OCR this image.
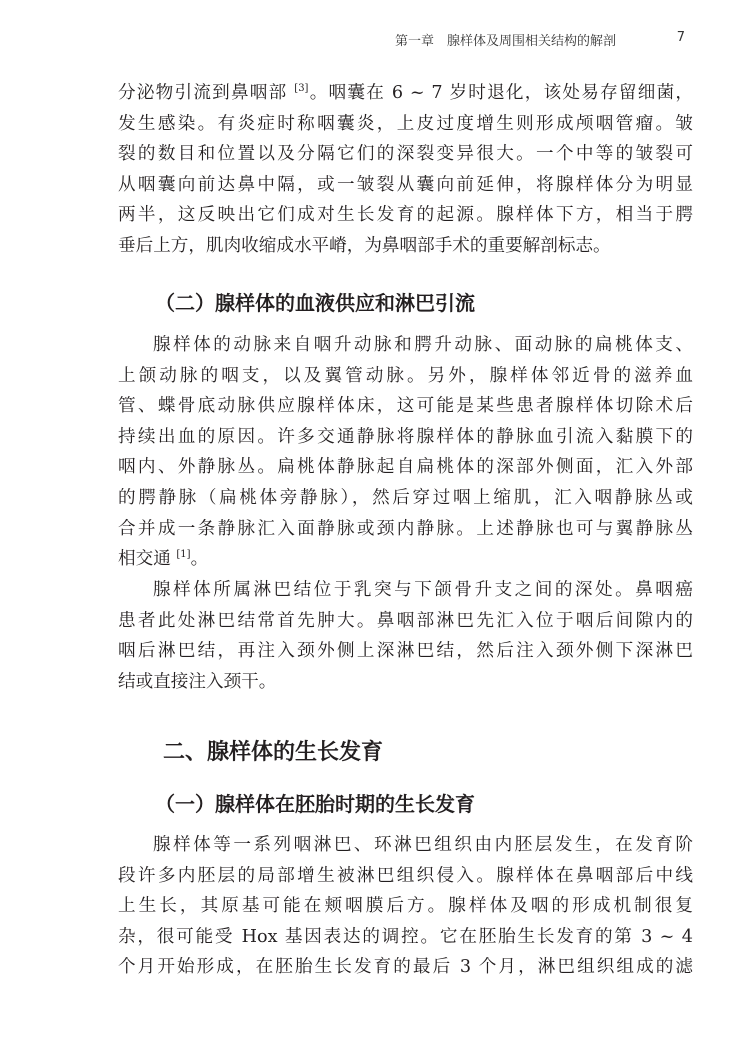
第一章　腺样体及周围相关结构的解剖	7
分泌物引流到鼻咽部 [3]。咽囊在 6 ~ 7 岁时退化，该处易存留细菌，
发生感染。有炎症时称咽囊炎，上皮过度增生则形成颅咽管瘤。皱
裂的数目和位置以及分隔它们的深裂变异很大。一个中等的皱裂可
从咽囊向前达鼻中隔，或一皱裂从囊向前延伸，将腺样体分为明显
两半，这反映出它们成对生长发育的起源。腺样体下方，相当于腭
垂后上方，肌肉收缩成水平嵴，为鼻咽部手术的重要解剖标志。
（二）腺样体的血液供应和淋巴引流
腺样体的动脉来自咽升动脉和腭升动脉、面动脉的扁桃体支、
上颌动脉的咽支，以及翼管动脉。另外，腺样体邻近骨的滋养血
管、蝶骨底动脉供应腺样体床，这可能是某些患者腺样体切除术后
持续出血的原因。许多交通静脉将腺样体的静脉血引流入黏膜下的
咽内、外静脉丛。扁桃体静脉起自扁桃体的深部外侧面，汇入外部
的腭静脉（扁桃体旁静脉），然后穿过咽上缩肌，汇入咽静脉丛或
合并成一条静脉汇入面静脉或颈内静脉。上述静脉也可与翼静脉丛
相交通 [1]。
腺样体所属淋巴结位于乳突与下颌骨升支之间的深处。鼻咽癌
患者此处淋巴结常首先肿大。鼻咽部淋巴先汇入位于咽后间隙内的
咽后淋巴结，再注入颈外侧上深淋巴结，然后注入颈外侧下深淋巴
结或直接注入颈干。
二、腺样体的生长发育
（一）腺样体在胚胎时期的生长发育
腺样体等一系列咽淋巴、环淋巴组织由内胚层发生，在发育阶
段许多内胚层的局部增生被淋巴组织侵入。腺样体在鼻咽部后中线
上生长，其原基可能在颊咽膜后方。腺样体及咽的形成机制很复
杂，很可能受 Hox 基因表达的调控。它在胚胎生长发育的第 3 ~ 4
个月开始形成，在胚胎生长发育的最后 3 个月，淋巴组织组成的滤
